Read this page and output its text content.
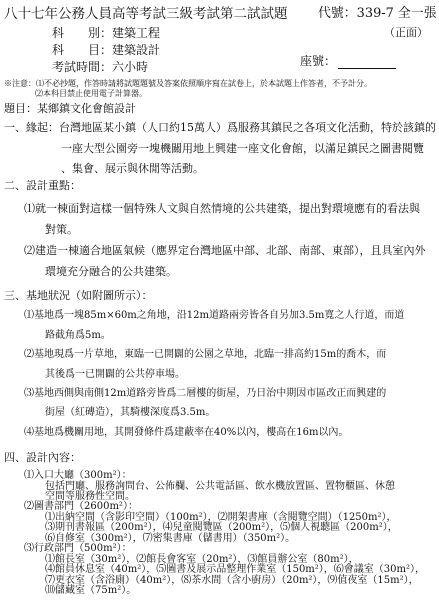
八十七年公務人員高等考試三級考試第二試試題 代號：339-7 全一張
（正面）
科　　別：建築工程
科　　目：建築設計
考試時間：六小時	座號：
※注意：⑴不必抄題，作答時請將試題題號及答案依照順序寫在試卷上，於本試題上作答者，不予計分。
⑵本科目禁止使用電子計算器。
題目：某鄉鎮文化會館設計
一、緣起：台灣地區某小鎮（人口約15萬人）爲服務其鎮民之各項文化活動，特於該鎮的
一座大型公園旁一塊機關用地上興建一座文化會館，以滿足鎮民之圖書閱覽
、集會、展示與休閒等活動。
二、設計重點：
⑴就一棟面對這樣一個特殊人文與自然情境的公共建築，提出對環境應有的看法與
對策。
⑵建造一棟適合地區氣候（應界定台灣地區中部、北部、南部、東部），且具室內外
環境充分融合的公共建築。
三、基地狀況（如附圖所示）：
⑴基地爲一塊85m×60m之角地，沿12m道路兩旁皆各自另加3.5m寬之人行道，而道
路截角爲5m。
⑵基地現爲一片草地，東臨一已開闢的公園之草地，北臨一排高約15m的喬木，而
其後爲一已開闢的公共停車場。
⑶基地西側與南側12m道路旁皆爲二層樓的街屋，乃日治中期因市區改正而興建的
街屋（紅磚造），其騎樓深度爲3.5m。
⑷基地爲機關用地，其開發條件爲建蔽率在40%以內，樓高在16m以內。
四、設計內容：
⑴入口大廳（300m²）：
包括門廳、服務詢問台、公佈欄、公共電話區、飲水機放置區、置物櫃區、休憩
空間等服務性空間。
⑵圖書部門（2600m²）：
⑴出納空間（含影印空間）（100m²），⑵開架書庫（含閱覽空間）（1250m²），
⑶期刊書報區（200m²），⑷兒童閱覽區（200m²），⑸個人視聽區（200m²），
⑹自修室（300m²），⑺密集書庫（儲書用）（350m²）。
⑶行政部門（500m²）：
⑴館長室（30m²），⑵館長會客室（20m²），⑶館員辦公室（80m²），
⑷館員休息室（40m²），⑸圖書及展示品整理作業室（150m²），⑹會議室（30m²），
⑺更衣室（含浴廁）（40m²），⑻茶水間（含小廚房）（20m²），⑼值夜室（15m²），
⑽儲藏室（75m²）。
